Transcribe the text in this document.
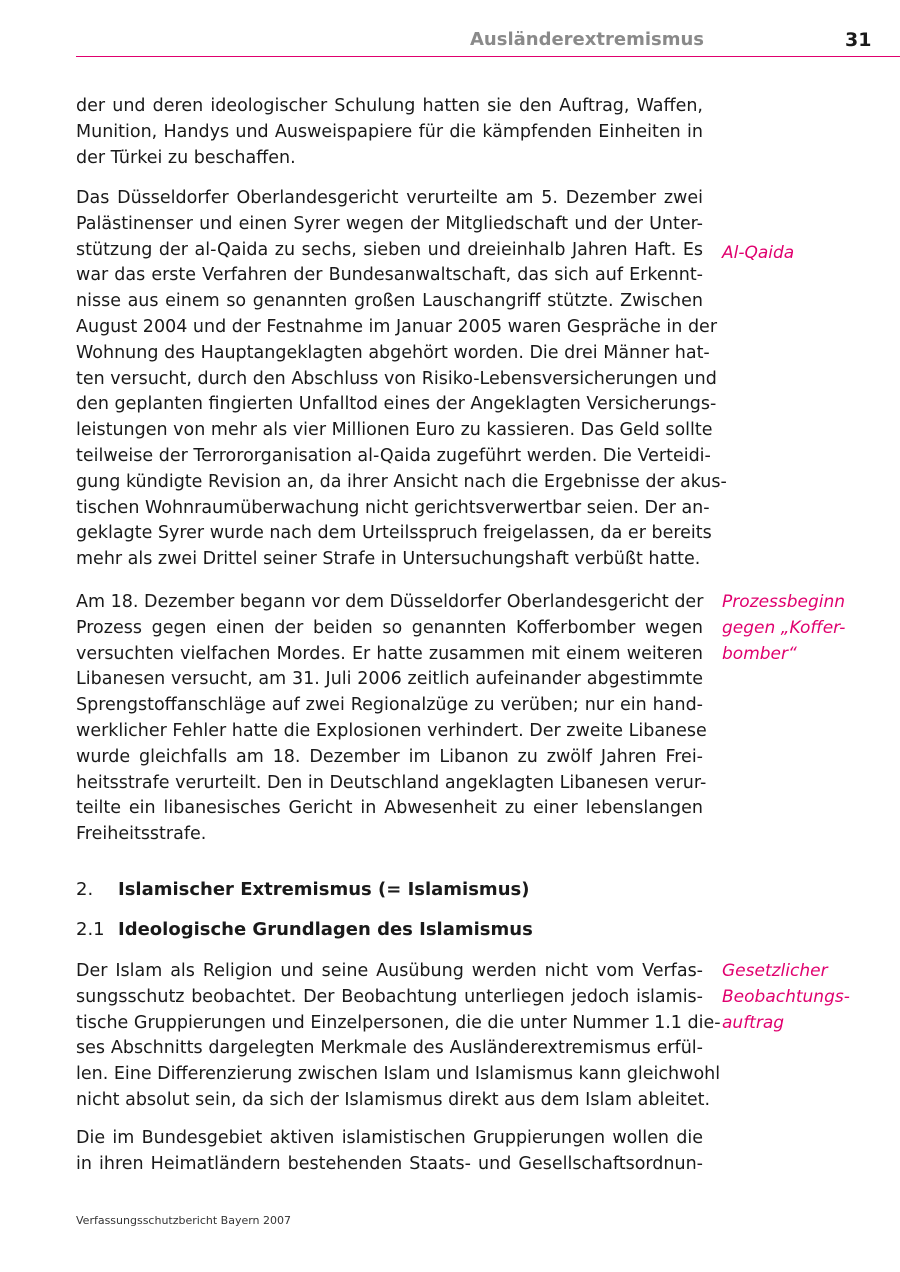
Ausländerextremismus	31

der und deren ideologischer Schulung hatten sie den Auftrag, Waffen,
Munition, Handys und Ausweispapiere für die kämpfenden Einheiten in
der Türkei zu beschaffen.

Das Düsseldorfer Oberlandesgericht verurteilte am 5. Dezember zwei
Palästinenser und einen Syrer wegen der Mitgliedschaft und der Unter-
stützung der al-Qaida zu sechs, sieben und dreieinhalb Jahren Haft. Es
war das erste Verfahren der Bundesanwaltschaft, das sich auf Erkennt-
nisse aus einem so genannten großen Lauschangriff stützte. Zwischen
August 2004 und der Festnahme im Januar 2005 waren Gespräche in der
Wohnung des Hauptangeklagten abgehört worden. Die drei Männer hat-
ten versucht, durch den Abschluss von Risiko-Lebensversicherungen und
den geplanten fingierten Unfalltod eines der Angeklagten Versicherungs-
leistungen von mehr als vier Millionen Euro zu kassieren. Das Geld sollte
teilweise der Terrororganisation al-Qaida zugeführt werden. Die Verteidi-
gung kündigte Revision an, da ihrer Ansicht nach die Ergebnisse der akus-
tischen Wohnraumüberwachung nicht gerichtsverwertbar seien. Der an-
geklagte Syrer wurde nach dem Urteilsspruch freigelassen, da er bereits
mehr als zwei Drittel seiner Strafe in Untersuchungshaft verbüßt hatte.

Am 18. Dezember begann vor dem Düsseldorfer Oberlandesgericht der
Prozess gegen einen der beiden so genannten Kofferbomber wegen
versuchten vielfachen Mordes. Er hatte zusammen mit einem weiteren
Libanesen versucht, am 31. Juli 2006 zeitlich aufeinander abgestimmte
Sprengstoffanschläge auf zwei Regionalzüge zu verüben; nur ein hand-
werklicher Fehler hatte die Explosionen verhindert. Der zweite Libanese
wurde gleichfalls am 18. Dezember im Libanon zu zwölf Jahren Frei-
heitsstrafe verurteilt. Den in Deutschland angeklagten Libanesen verur-
teilte ein libanesisches Gericht in Abwesenheit zu einer lebenslangen
Freiheitsstrafe.

2. Islamischer Extremismus (= Islamismus)
2.1 Ideologische Grundlagen des Islamismus

Der Islam als Religion und seine Ausübung werden nicht vom Verfas-
sungsschutz beobachtet. Der Beobachtung unterliegen jedoch islamis-
tische Gruppierungen und Einzelpersonen, die die unter Nummer 1.1 die-
ses Abschnitts dargelegten Merkmale des Ausländerextremismus erfül-
len. Eine Differenzierung zwischen Islam und Islamismus kann gleichwohl
nicht absolut sein, da sich der Islamismus direkt aus dem Islam ableitet.

Die im Bundesgebiet aktiven islamistischen Gruppierungen wollen die
in ihren Heimatländern bestehenden Staats- und Gesellschaftsordnun-

Al-Qaida
Prozessbeginn
gegen „Koffer-
bomber“
Gesetzlicher
Beobachtungs-
auftrag
Verfassungsschutzbericht Bayern 2007
